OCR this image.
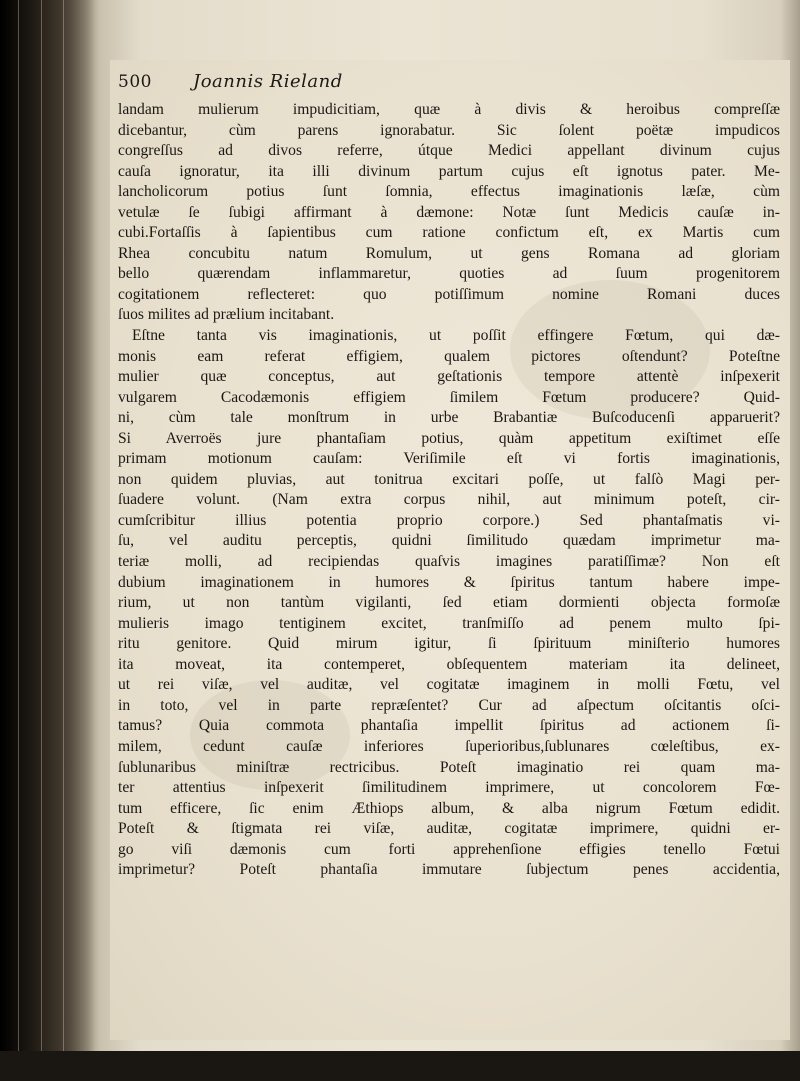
500 Joannis Rieland
landam mulierum impudicitiam, quæ à divis & heroibus compreſſæ
dicebantur, cùm parens ignorabatur. Sic ſolent poëtæ impudicos
congreſſus ad divos referre, útque Medici appellant divinum cujus
cauſa ignoratur, ita illi divinum partum cujus eſt ignotus pater. Me-
lancholicorum potius ſunt ſomnia, effectus imaginationis læſæ, cùm
vetulæ ſe ſubigi affirmant à dæmone: Notæ ſunt Medicis cauſæ in-
cubi.Fortaſſis à ſapientibus cum ratione confictum eſt, ex Martis cum
Rhea concubitu natum Romulum, ut gens Romana ad gloriam
bello quærendam inflammaretur, quoties ad ſuum progenitorem
cogitationem reflecteret: quo potiſſimum nomine Romani duces
ſuos milites ad prælium incitabant.
Eſtne tanta vis imaginationis, ut poſſit effingere Fœtum, qui dæ-
monis eam referat effigiem, qualem pictores oſtendunt? Poteſtne
mulier quæ conceptus, aut geſtationis tempore attentè inſpexerit
vulgarem Cacodæmonis effigiem ſimilem Fœtum producere? Quid-
ni, cùm tale monſtrum in urbe Brabantiæ Buſcoducenſi apparuerit?
Si Averroës jure phantaſiam potius, quàm appetitum exiſtimet eſſe
primam motionum cauſam: Veriſimile eſt vi fortis imaginationis,
non quidem pluvias, aut tonitrua excitari poſſe, ut falſò Magi per-
ſuadere volunt. (Nam extra corpus nihil, aut minimum poteſt, cir-
cumſcribitur illius potentia proprio corpore.) Sed phantaſmatis vi-
ſu, vel auditu perceptis, quidni ſimilitudo quædam imprimetur ma-
teriæ molli, ad recipiendas quaſvis imagines paratiſſimæ? Non eſt
dubium imaginationem in humores & ſpiritus tantum habere impe-
rium, ut non tantùm vigilanti, ſed etiam dormienti objecta formoſæ
mulieris imago tentiginem excitet, tranſmiſſo ad penem multo ſpi-
ritu genitore. Quid mirum igitur, ſi ſpirituum miniſterio humores
ita moveat, ita contemperet, obſequentem materiam ita delineet,
ut rei viſæ, vel auditæ, vel cogitatæ imaginem in molli Fœtu, vel
in toto, vel in parte repræſentet? Cur ad aſpectum oſcitantis oſci-
tamus? Quia commota phantaſia impellit ſpiritus ad actionem ſi-
milem, cedunt cauſæ inferiores ſuperioribus,ſublunares cœleſtibus, ex-
ſublunaribus miniſtræ rectricibus. Poteſt imaginatio rei quam ma-
ter attentius inſpexerit ſimilitudinem imprimere, ut concolorem Fœ-
tum efficere, ſic enim Æthiops album, & alba nigrum Fœtum edidit.
Poteſt & ſtigmata rei viſæ, auditæ, cogitatæ imprimere, quidni er-
go viſi dæmonis cum forti apprehenſione effigies tenello Fœtui
imprimetur? Poteſt phantaſia immutare ſubjectum penes accidentia,
ut
